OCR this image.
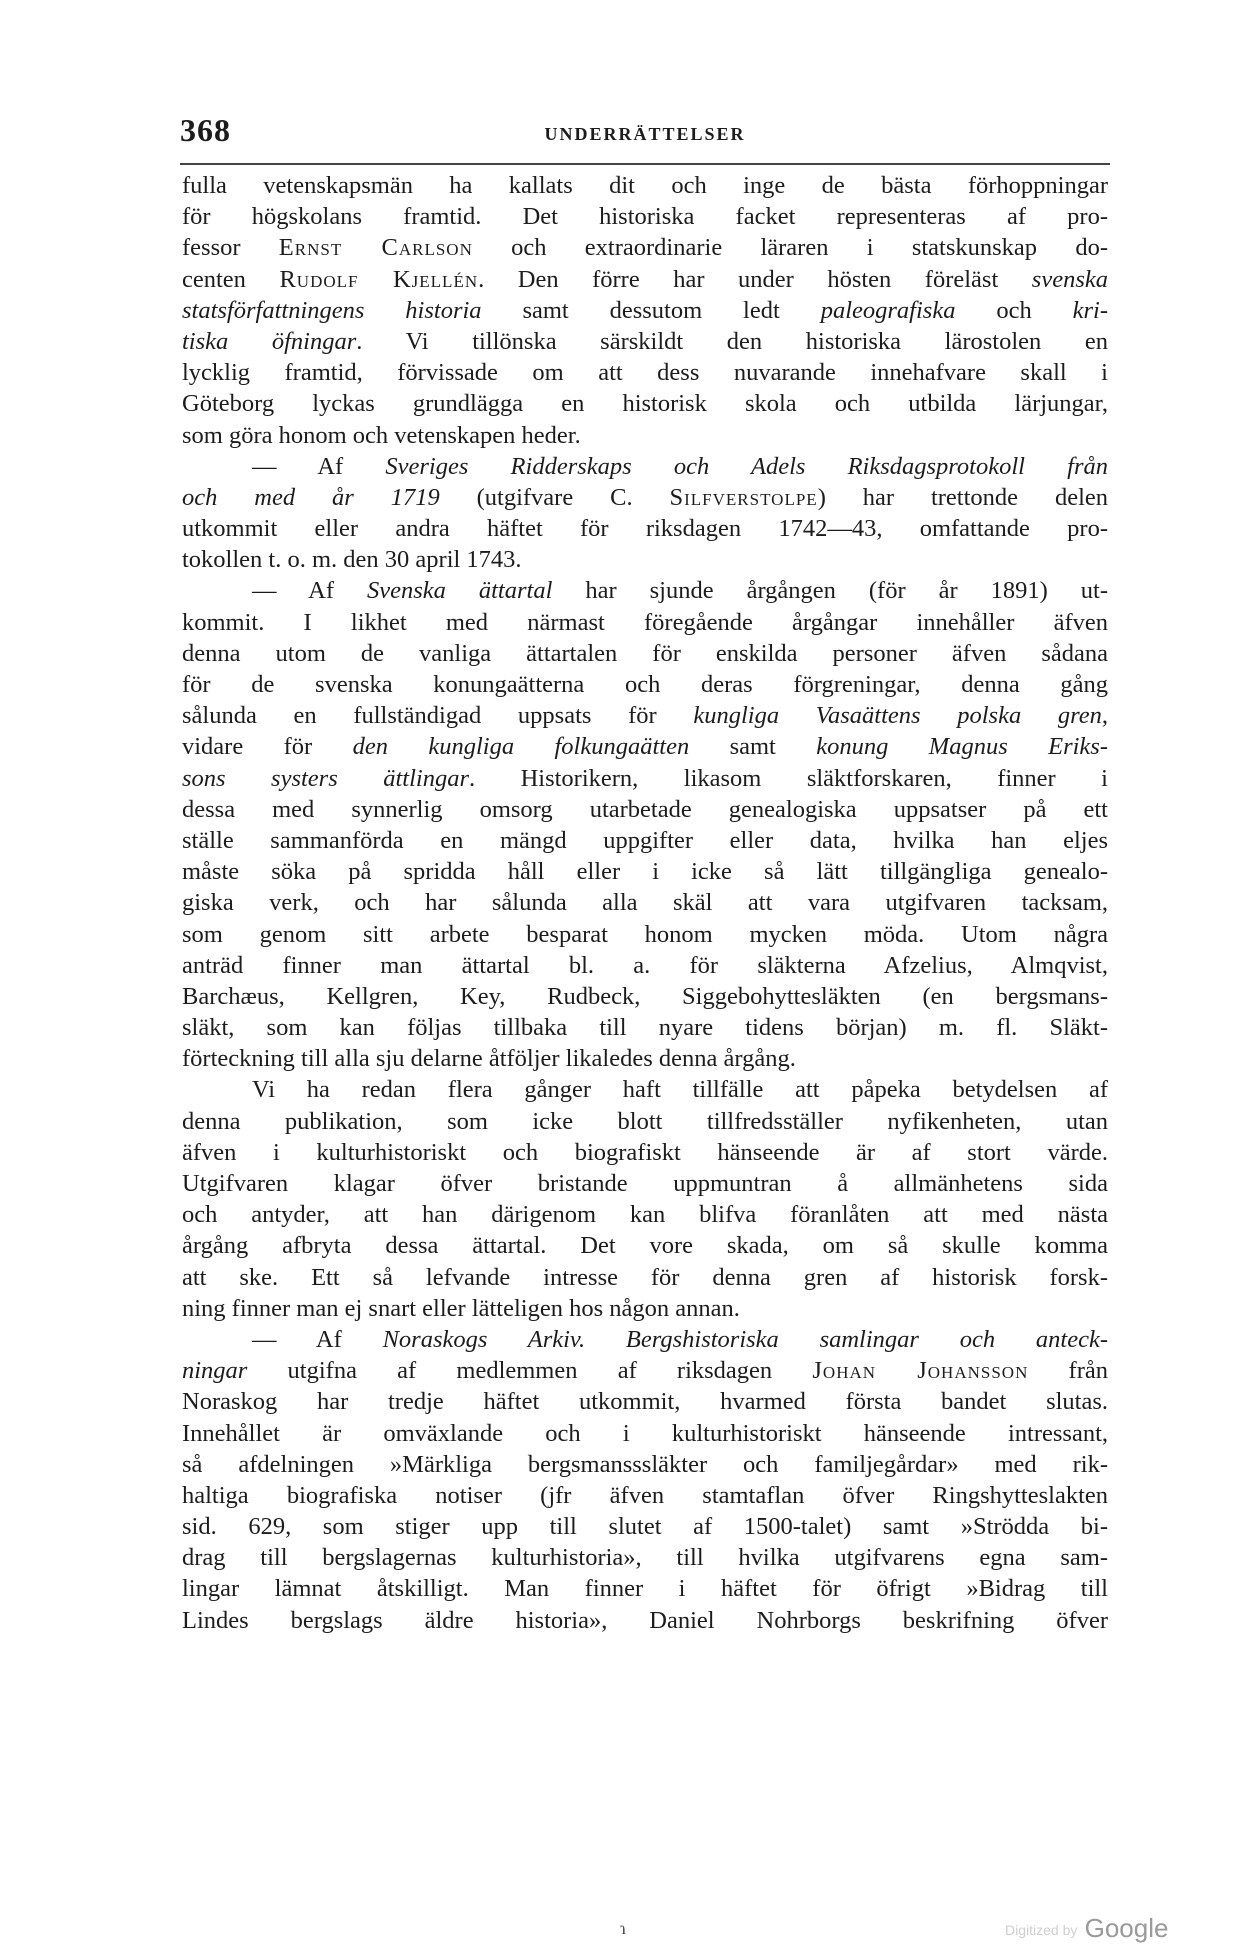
368	UNDERRÄTTELSER
fulla vetenskapsmän ha kallats dit och inge de bästa förhoppningar
för högskolans framtid. Det historiska facket representeras af pro-
fessor Ernst Carlson och extraordinarie läraren i statskunskap do-
centen Rudolf Kjellén. Den förre har under hösten föreläst svenska
statsförfattningens historia samt dessutom ledt paleografiska och kri-
tiska öfningar. Vi tillönska särskildt den historiska lärostolen en
lycklig framtid, förvissade om att dess nuvarande innehafvare skall i
Göteborg lyckas grundlägga en historisk skola och utbilda lärjungar,
som göra honom och vetenskapen heder.
— Af Sveriges Ridderskaps och Adels Riksdagsprotokoll från
och med år 1719 (utgifvare C. Silfverstolpe) har trettonde delen
utkommit eller andra häftet för riksdagen 1742—43, omfattande pro-
tokollen t. o. m. den 30 april 1743.
— Af Svenska ättartal har sjunde årgången (för år 1891) ut-
kommit. I likhet med närmast föregående årgångar innehåller äfven
denna utom de vanliga ättartalen för enskilda personer äfven sådana
för de svenska konungaätterna och deras förgreningar, denna gång
sålunda en fullständigad uppsats för kungliga Vasaättens polska gren,
vidare för den kungliga folkungaätten samt konung Magnus Eriks-
sons systers ättlingar. Historikern, likasom släktforskaren, finner i
dessa med synnerlig omsorg utarbetade genealogiska uppsatser på ett
ställe sammanförda en mängd uppgifter eller data, hvilka han eljes
måste söka på spridda håll eller i icke så lätt tillgängliga genealo-
giska verk, och har sålunda alla skäl att vara utgifvaren tacksam,
som genom sitt arbete besparat honom mycken möda. Utom några
anträd finner man ättartal bl. a. för släkterna Afzelius, Almqvist,
Barchæus, Kellgren, Key, Rudbeck, Siggebohyttesläkten (en bergsmans-
släkt, som kan följas tillbaka till nyare tidens början) m. fl. Släkt-
förteckning till alla sju delarne åtföljer likaledes denna årgång.
Vi ha redan flera gånger haft tillfälle att påpeka betydelsen af
denna publikation, som icke blott tillfredsställer nyfikenheten, utan
äfven i kulturhistoriskt och biografiskt hänseende är af stort värde.
Utgifvaren klagar öfver bristande uppmuntran å allmänhetens sida
och antyder, att han därigenom kan blifva föranlåten att med nästa
årgång afbryta dessa ättartal. Det vore skada, om så skulle komma
att ske. Ett så lefvande intresse för denna gren af historisk forsk-
ning finner man ej snart eller lätteligen hos någon annan.
— Af Noraskogs Arkiv. Bergshistoriska samlingar och anteck-
ningar utgifna af medlemmen af riksdagen Johan Johansson från
Noraskog har tredje häftet utkommit, hvarmed första bandet slutas.
Innehållet är omväxlande och i kulturhistoriskt hänseende intressant,
så afdelningen »Märkliga bergsmansssläkter och familjegårdar» med rik-
haltiga biografiska notiser (jfr äfven stamtaflan öfver Ringshytteslakten
sid. 629, som stiger upp till slutet af 1500-talet) samt »Strödda bi-
drag till bergslagernas kulturhistoria», till hvilka utgifvarens egna sam-
lingar lämnat åtskilligt. Man finner i häftet för öfrigt »Bidrag till
Lindes bergslags äldre historia», Daniel Nohrborgs beskrifning öfver
ɿ	Digitized by Google
